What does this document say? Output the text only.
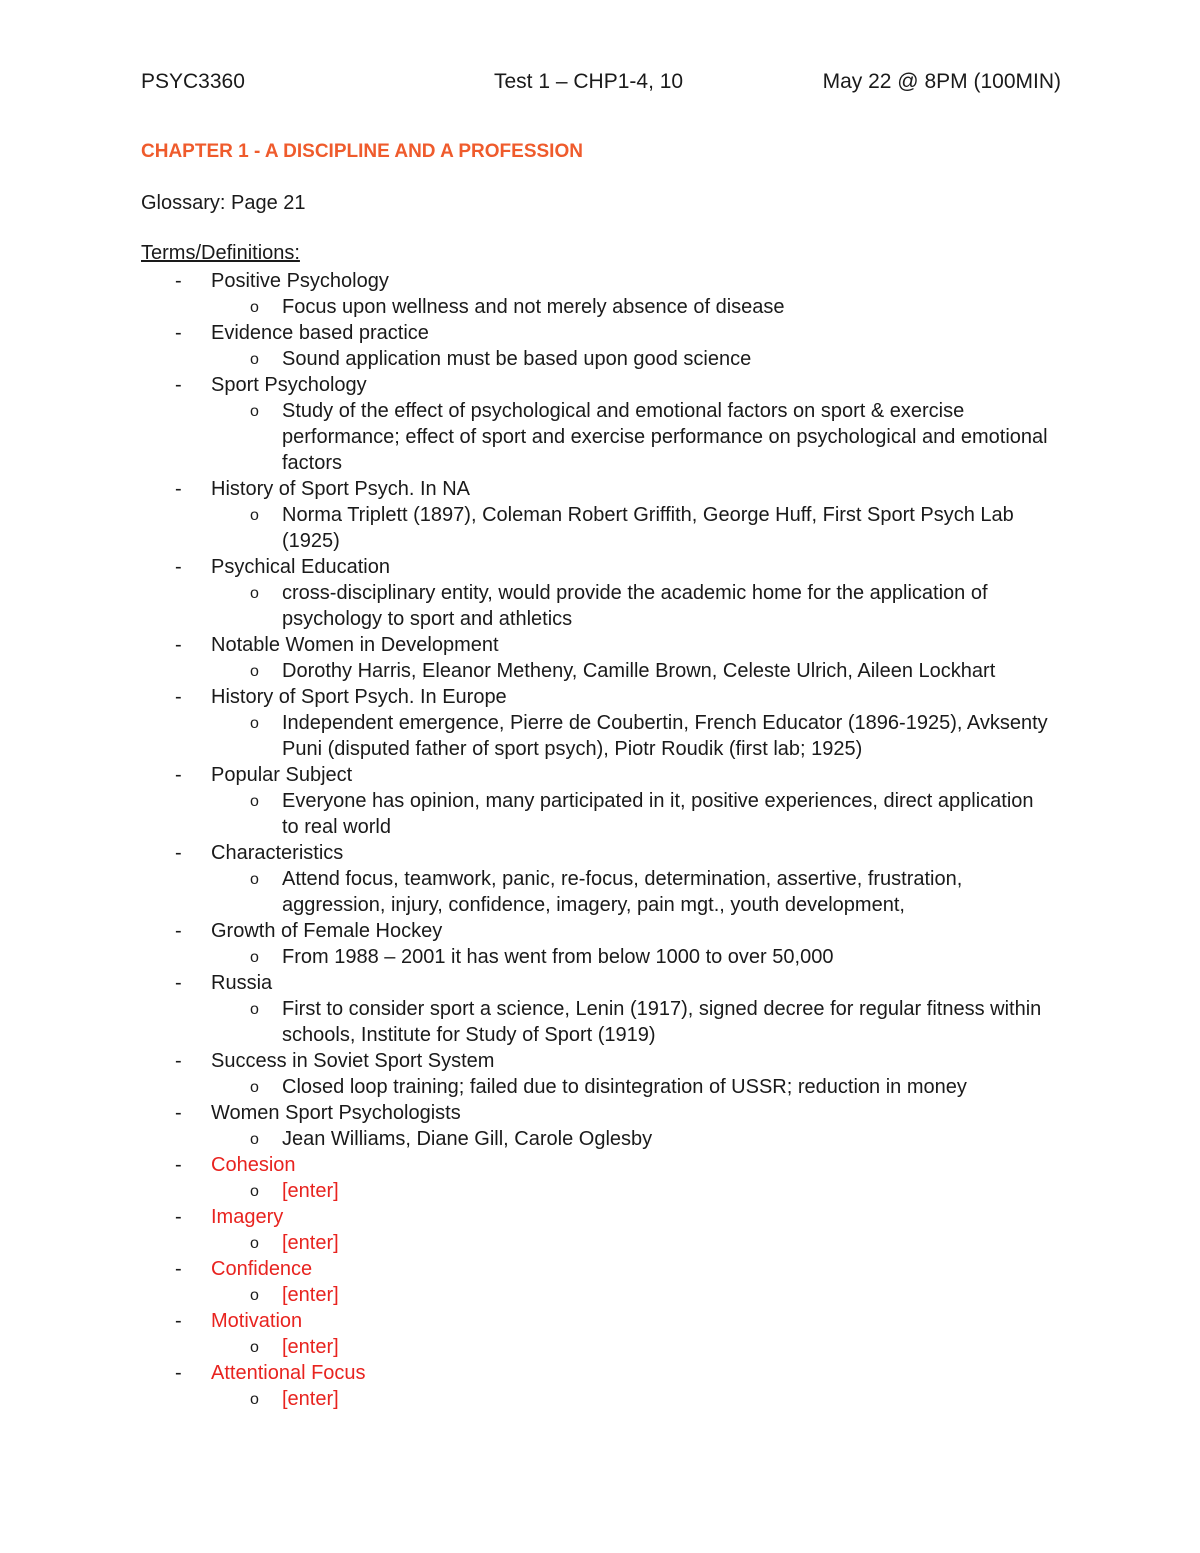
PSYC3360	Test 1 – CHP1-4, 10	May 22 @ 8PM (100MIN)
CHAPTER 1 - A DISCIPLINE AND A PROFESSION
Glossary: Page 21
Terms/Definitions:
- Positive Psychology
o Focus upon wellness and not merely absence of disease
- Evidence based practice
o Sound application must be based upon good science
- Sport Psychology
o Study of the effect of psychological and emotional factors on sport & exercise performance; effect of sport and exercise performance on psychological and emotional factors
- History of Sport Psych. In NA
o Norma Triplett (1897), Coleman Robert Griffith, George Huff, First Sport Psych Lab (1925)
- Psychical Education
o cross-disciplinary entity, would provide the academic home for the application of psychology to sport and athletics
- Notable Women in Development
o Dorothy Harris, Eleanor Metheny, Camille Brown, Celeste Ulrich, Aileen Lockhart
- History of Sport Psych. In Europe
o Independent emergence, Pierre de Coubertin, French Educator (1896-1925), Avksenty Puni (disputed father of sport psych), Piotr Roudik (first lab; 1925)
- Popular Subject
o Everyone has opinion, many participated in it, positive experiences, direct application to real world
- Characteristics
o Attend focus, teamwork, panic, re-focus, determination, assertive, frustration, aggression, injury, confidence, imagery, pain mgt., youth development,
- Growth of Female Hockey
o From 1988 – 2001 it has went from below 1000 to over 50,000
- Russia
o First to consider sport a science, Lenin (1917), signed decree for regular fitness within schools, Institute for Study of Sport (1919)
- Success in Soviet Sport System
o Closed loop training; failed due to disintegration of USSR; reduction in money
- Women Sport Psychologists
o Jean Williams, Diane Gill, Carole Oglesby
- Cohesion
o [enter]
- Imagery
o [enter]
- Confidence
o [enter]
- Motivation
o [enter]
- Attentional Focus
o [enter]
